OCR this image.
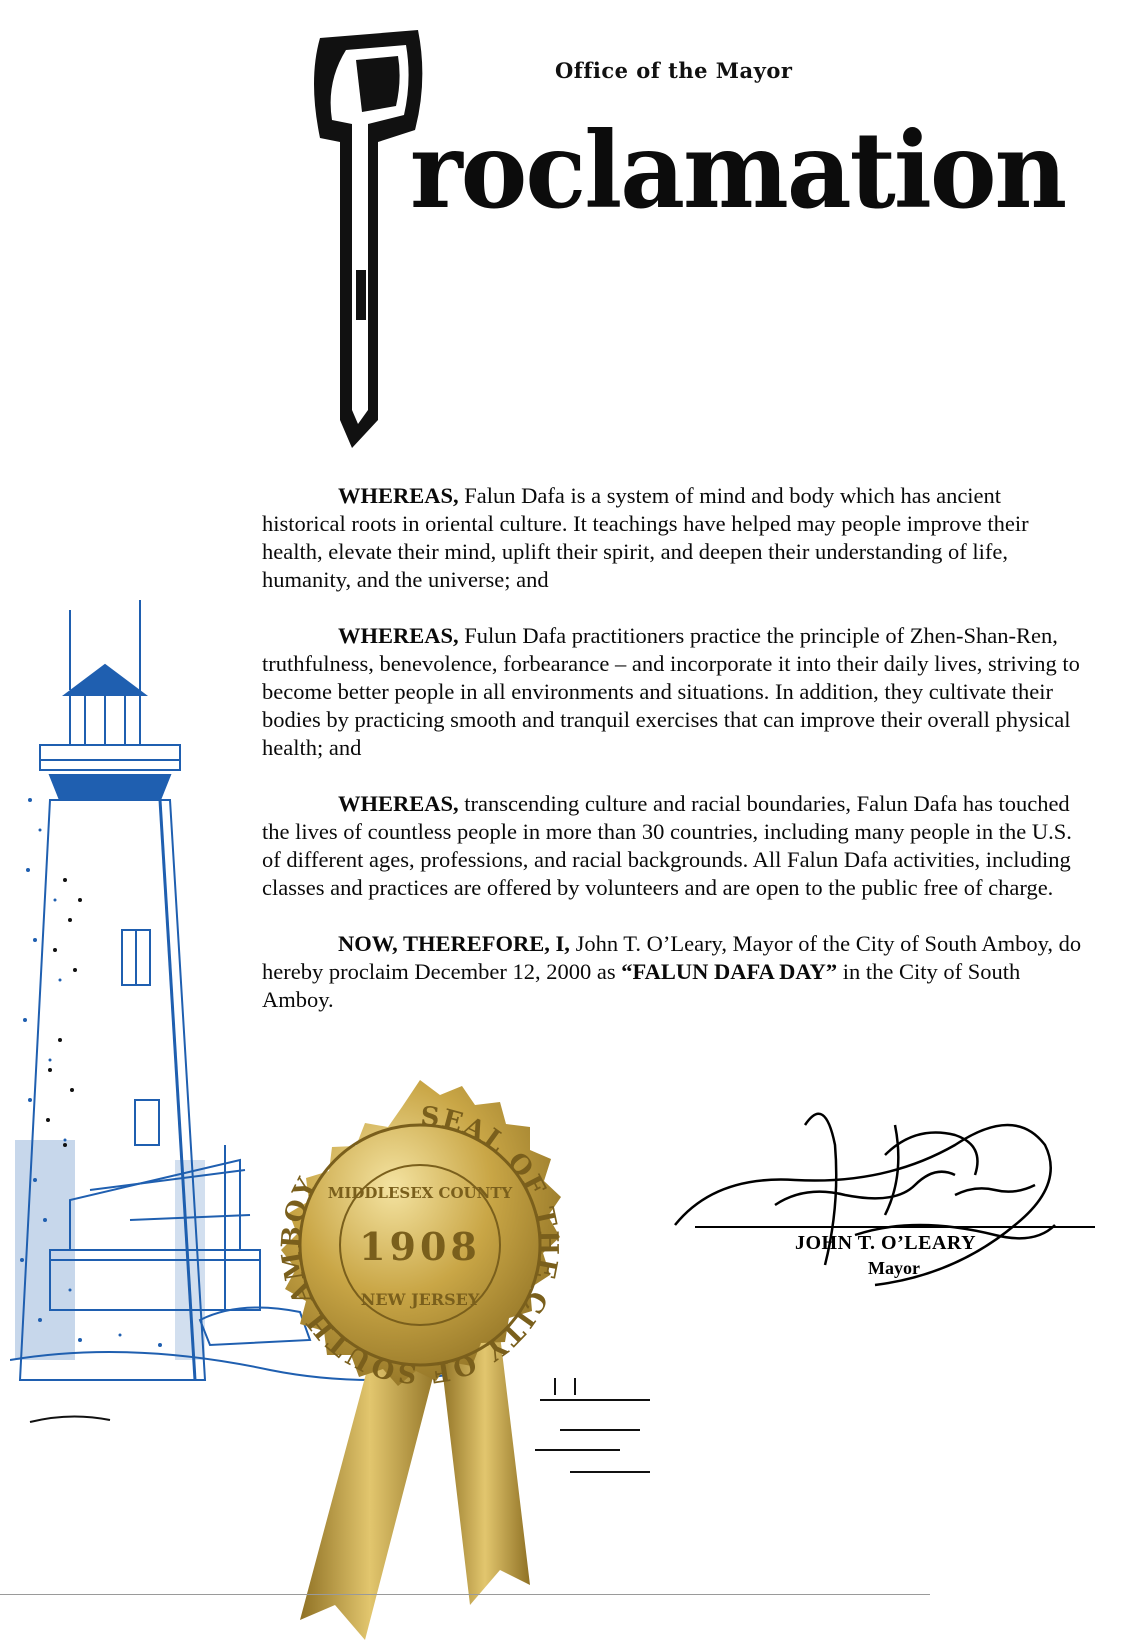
Office of the Mayor
roclamation

WHEREAS, Falun Dafa is a system of mind and body which has ancient historical roots in oriental culture. It teachings have helped may people improve their health, elevate their mind, uplift their spirit, and deepen their understanding of life, humanity, and the universe; and

WHEREAS, Fulun Dafa practitioners practice the principle of Zhen-Shan-Ren, truthfulness, benevolence, forbearance – and incorporate it into their daily lives, striving to become better people in all environments and situations. In addition, they cultivate their bodies by practicing smooth and tranquil exercises that can improve their overall physical health; and

WHEREAS, transcending culture and racial boundaries, Falun Dafa has touched the lives of countless people in more than 30 countries, including many people in the U.S. of different ages, professions, and racial backgrounds. All Falun Dafa activities, including classes and practices are offered by volunteers and are open to the public free of charge.

NOW, THEREFORE, I, John T. O’Leary, Mayor of the City of South Amboy, do hereby proclaim December 12, 2000 as “FALUN DAFA DAY” in the City of South Amboy.

SEAL OF THE CITY OF SOUTH AMBOY MIDDLESEX COUNTY
1908
NEW JERSEY
JOHN T. O’LEARY
Mayor
